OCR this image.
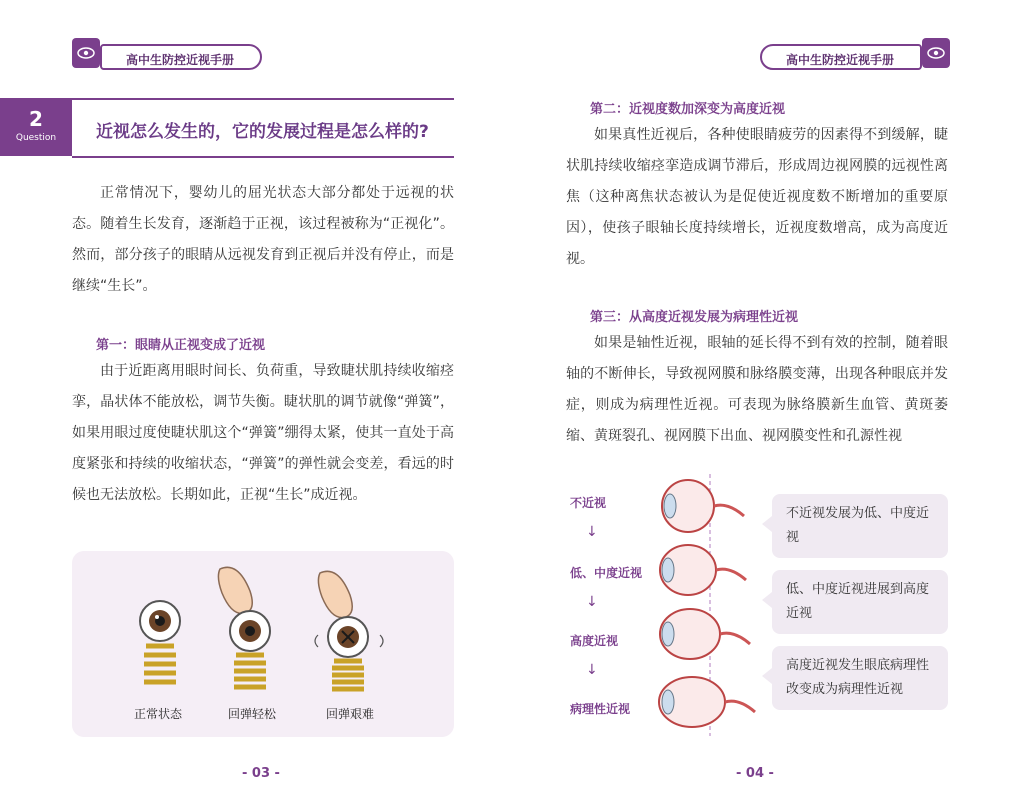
高中生防控近视手册	高中生防控近视手册
2
Question	近视怎么发生的，它的发展过程是怎么样的?
正常情况下，婴幼儿的屈光状态大部分都处于远视的状态。随着生长发育，逐渐趋于正视，该过程被称为“正视化”。然而，部分孩子的眼睛从远视发育到正视后并没有停止，而是继续“生长”。
第一：眼睛从正视变成了近视
由于近距离用眼时间长、负荷重，导致睫状肌持续收缩痉挛，晶状体不能放松，调节失衡。睫状肌的调节就像“弹簧”，如果用眼过度使睫状肌这个“弹簧”绷得太紧，使其一直处于高度紧张和持续的收缩状态，“弹簧”的弹性就会变差，看远的时候也无法放松。长期如此，正视“生长”成近视。
正常状态	回弹轻松	回弹艰难
- 03 -
第二：近视度数加深变为高度近视
如果真性近视后，各种使眼睛疲劳的因素得不到缓解，睫状肌持续收缩痉挛造成调节滞后，形成周边视网膜的远视性离焦（这种离焦状态被认为是促使近视度数不断增加的重要原因），使孩子眼轴长度持续增长，近视度数增高，成为高度近视。
第三：从高度近视发展为病理性近视
如果是轴性近视，眼轴的延长得不到有效的控制，随着眼轴的不断伸长，导致视网膜和脉络膜变薄，出现各种眼底并发症，则成为病理性近视。可表现为脉络膜新生血管、黄斑萎缩、黄斑裂孔、视网膜下出血、视网膜变性和孔源性视
不近视
↓
低、中度近视
↓
高度近视
↓
病理性近视
不近视发展为低、中度近视
低、中度近视进展到高度近视
高度近视发生眼底病理性改变成为病理性近视
- 04 -
